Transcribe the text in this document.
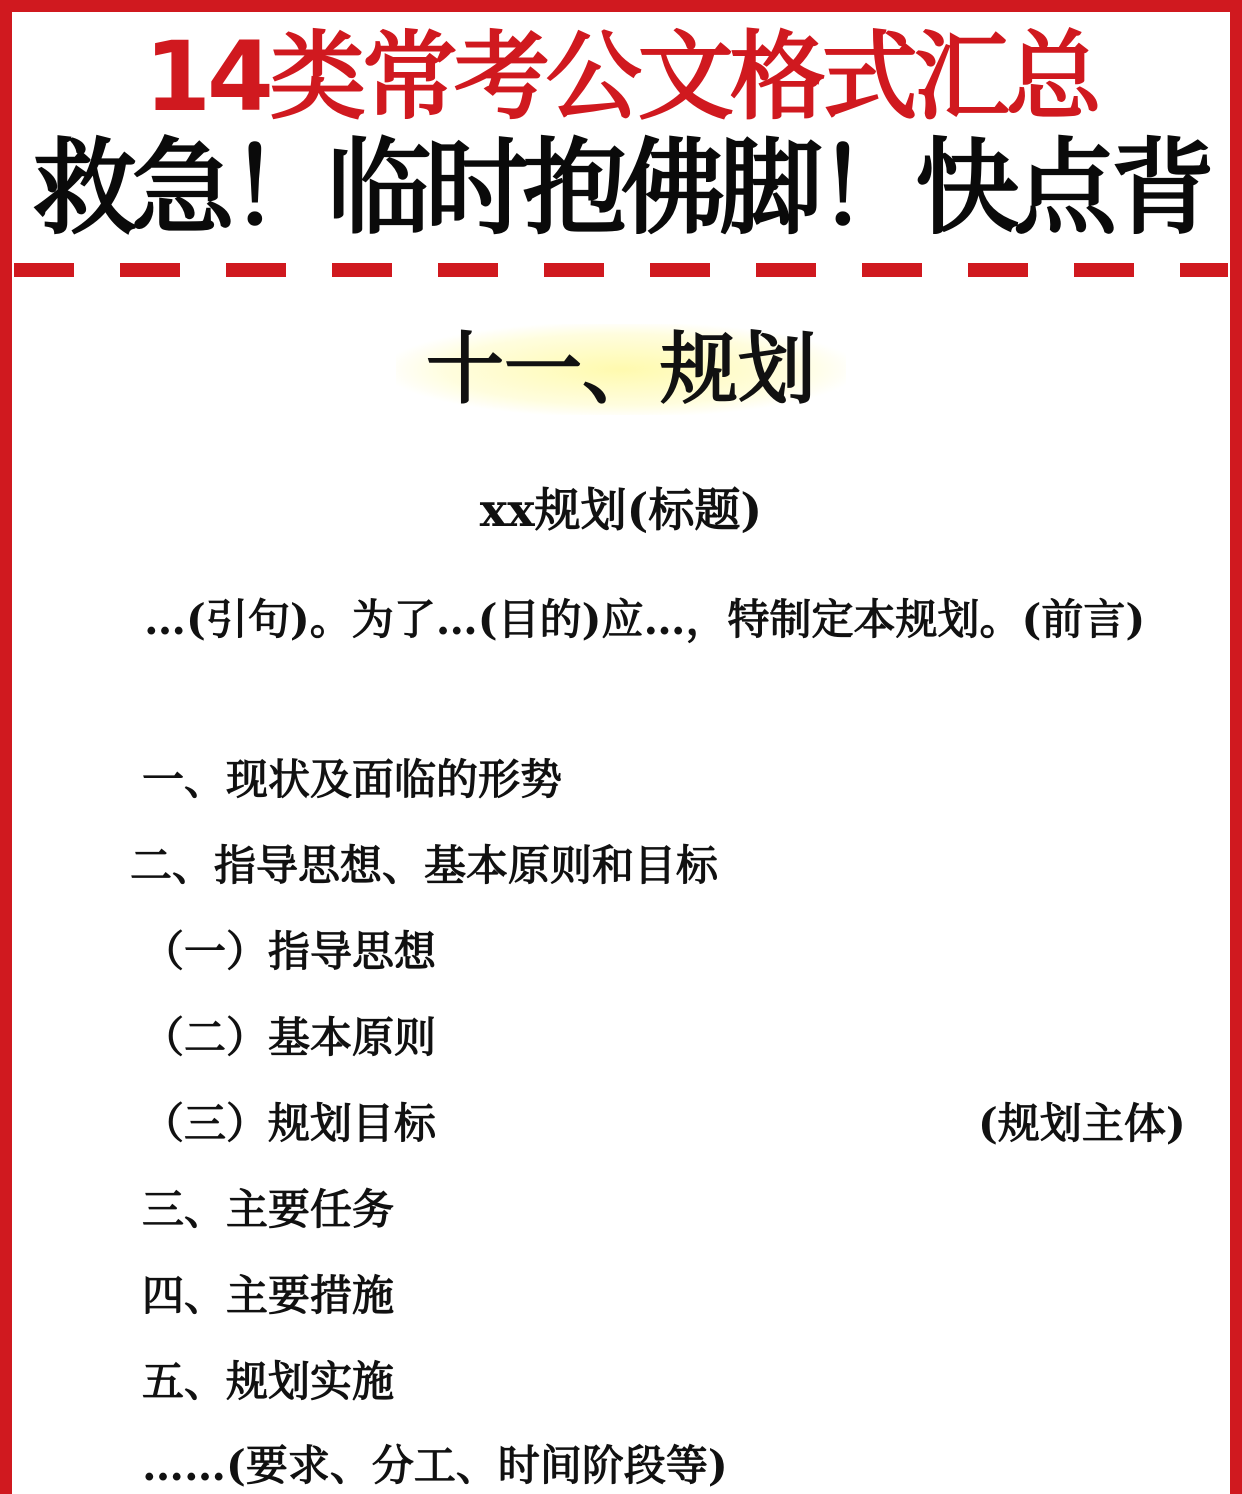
14类常考公文格式汇总
救急！临时抱佛脚！快点背
十一、规划
xx规划(标题)
…(引句)。为了…(目的)应…，特制定本规划。(前言)
一、现状及面临的形势
二、指导思想、基本原则和目标
（一）指导思想
（二）基本原则
（三）规划目标	(规划主体)
三、主要任务
四、主要措施
五、规划实施
……(要求、分工、时间阶段等)
